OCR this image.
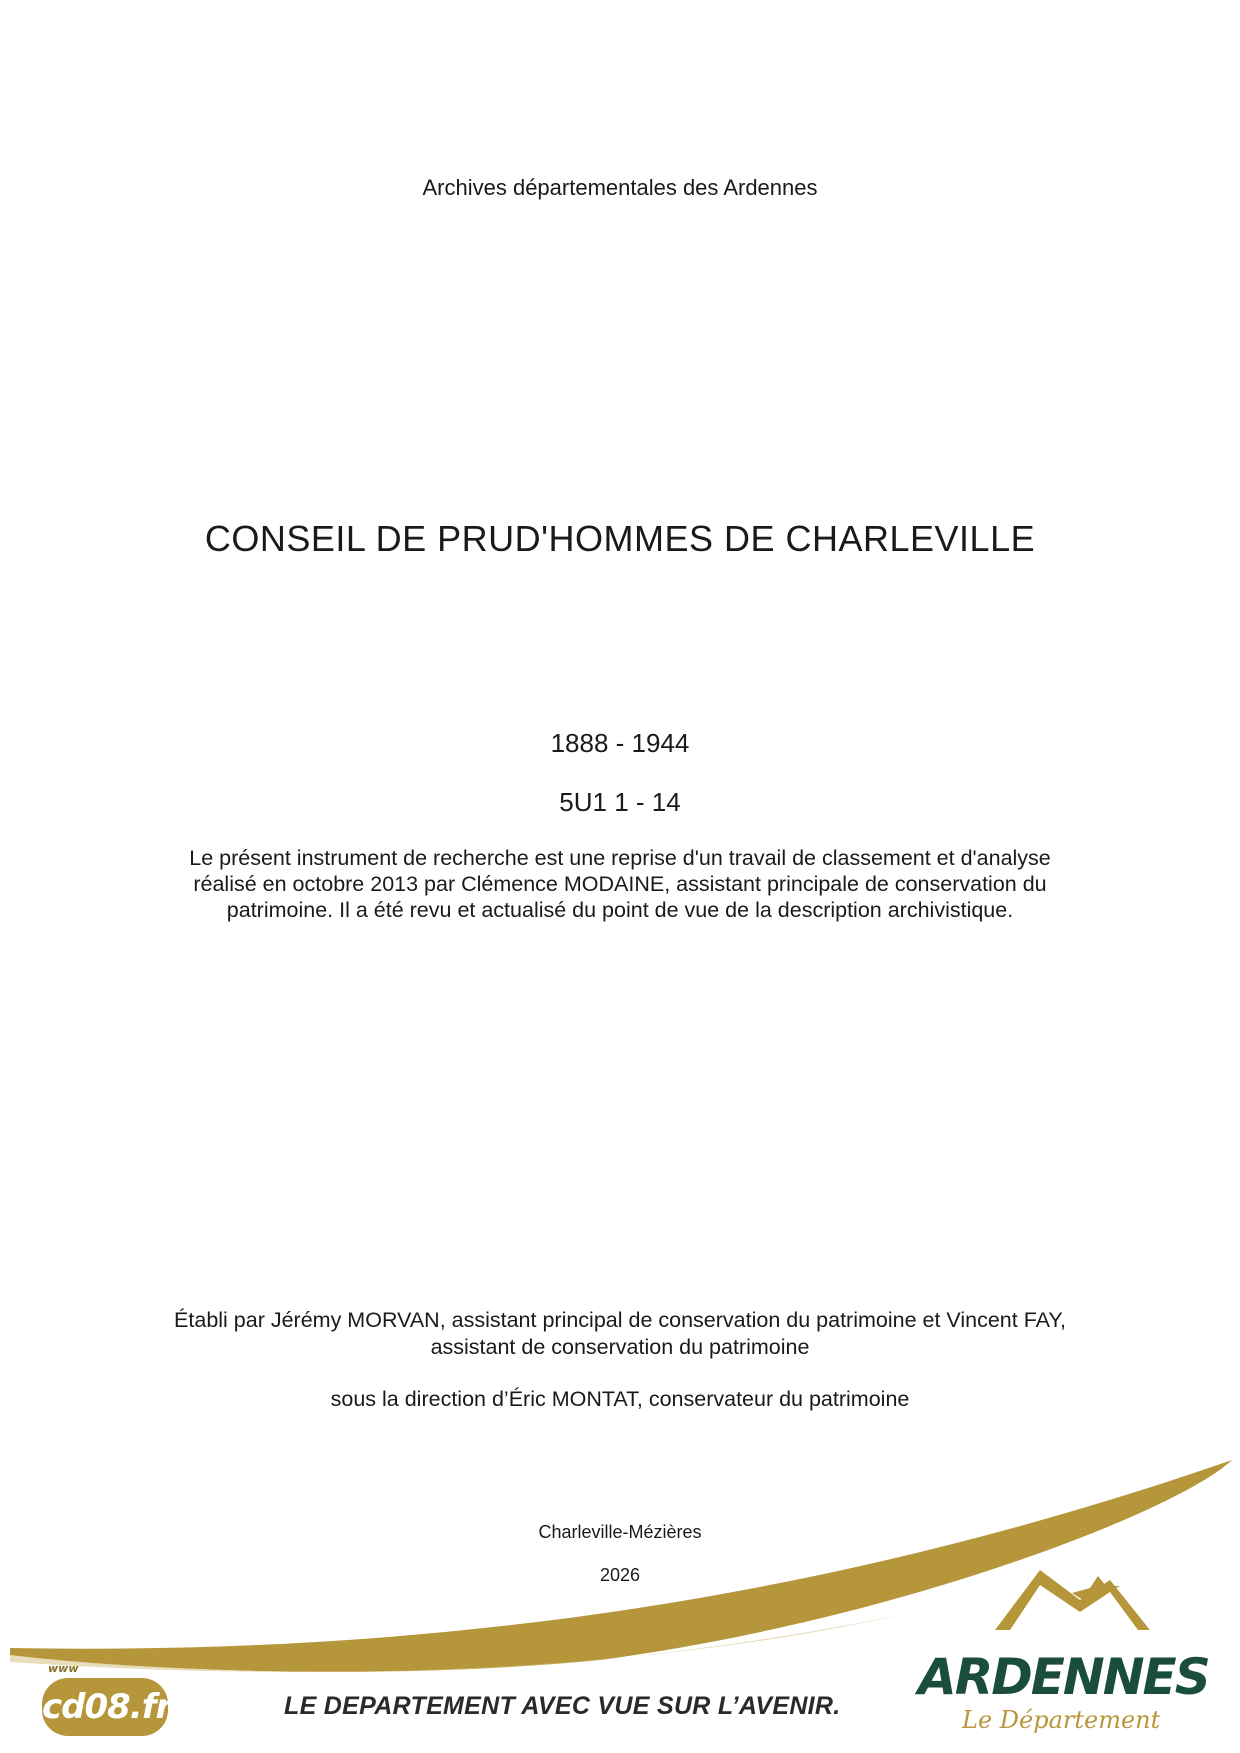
Archives départementales des Ardennes
CONSEIL DE PRUD'HOMMES DE CHARLEVILLE
1888 - 1944
5U1 1 - 14
Le présent instrument de recherche est une reprise d'un travail de classement et d'analyse réalisé en octobre 2013 par Clémence MODAINE, assistant principale de conservation du patrimoine. Il a été revu et actualisé du point de vue de la description archivistique.
Établi par Jérémy MORVAN, assistant principal de conservation du patrimoine et Vincent FAY, assistant de conservation du patrimoine
sous la direction d’Éric MONTAT, conservateur du patrimoine
Charleville-Mézières
2026
www
cd08.fr	LE DEPARTEMENT AVEC VUE SUR L’AVENIR. ARDENNES
Le Département
